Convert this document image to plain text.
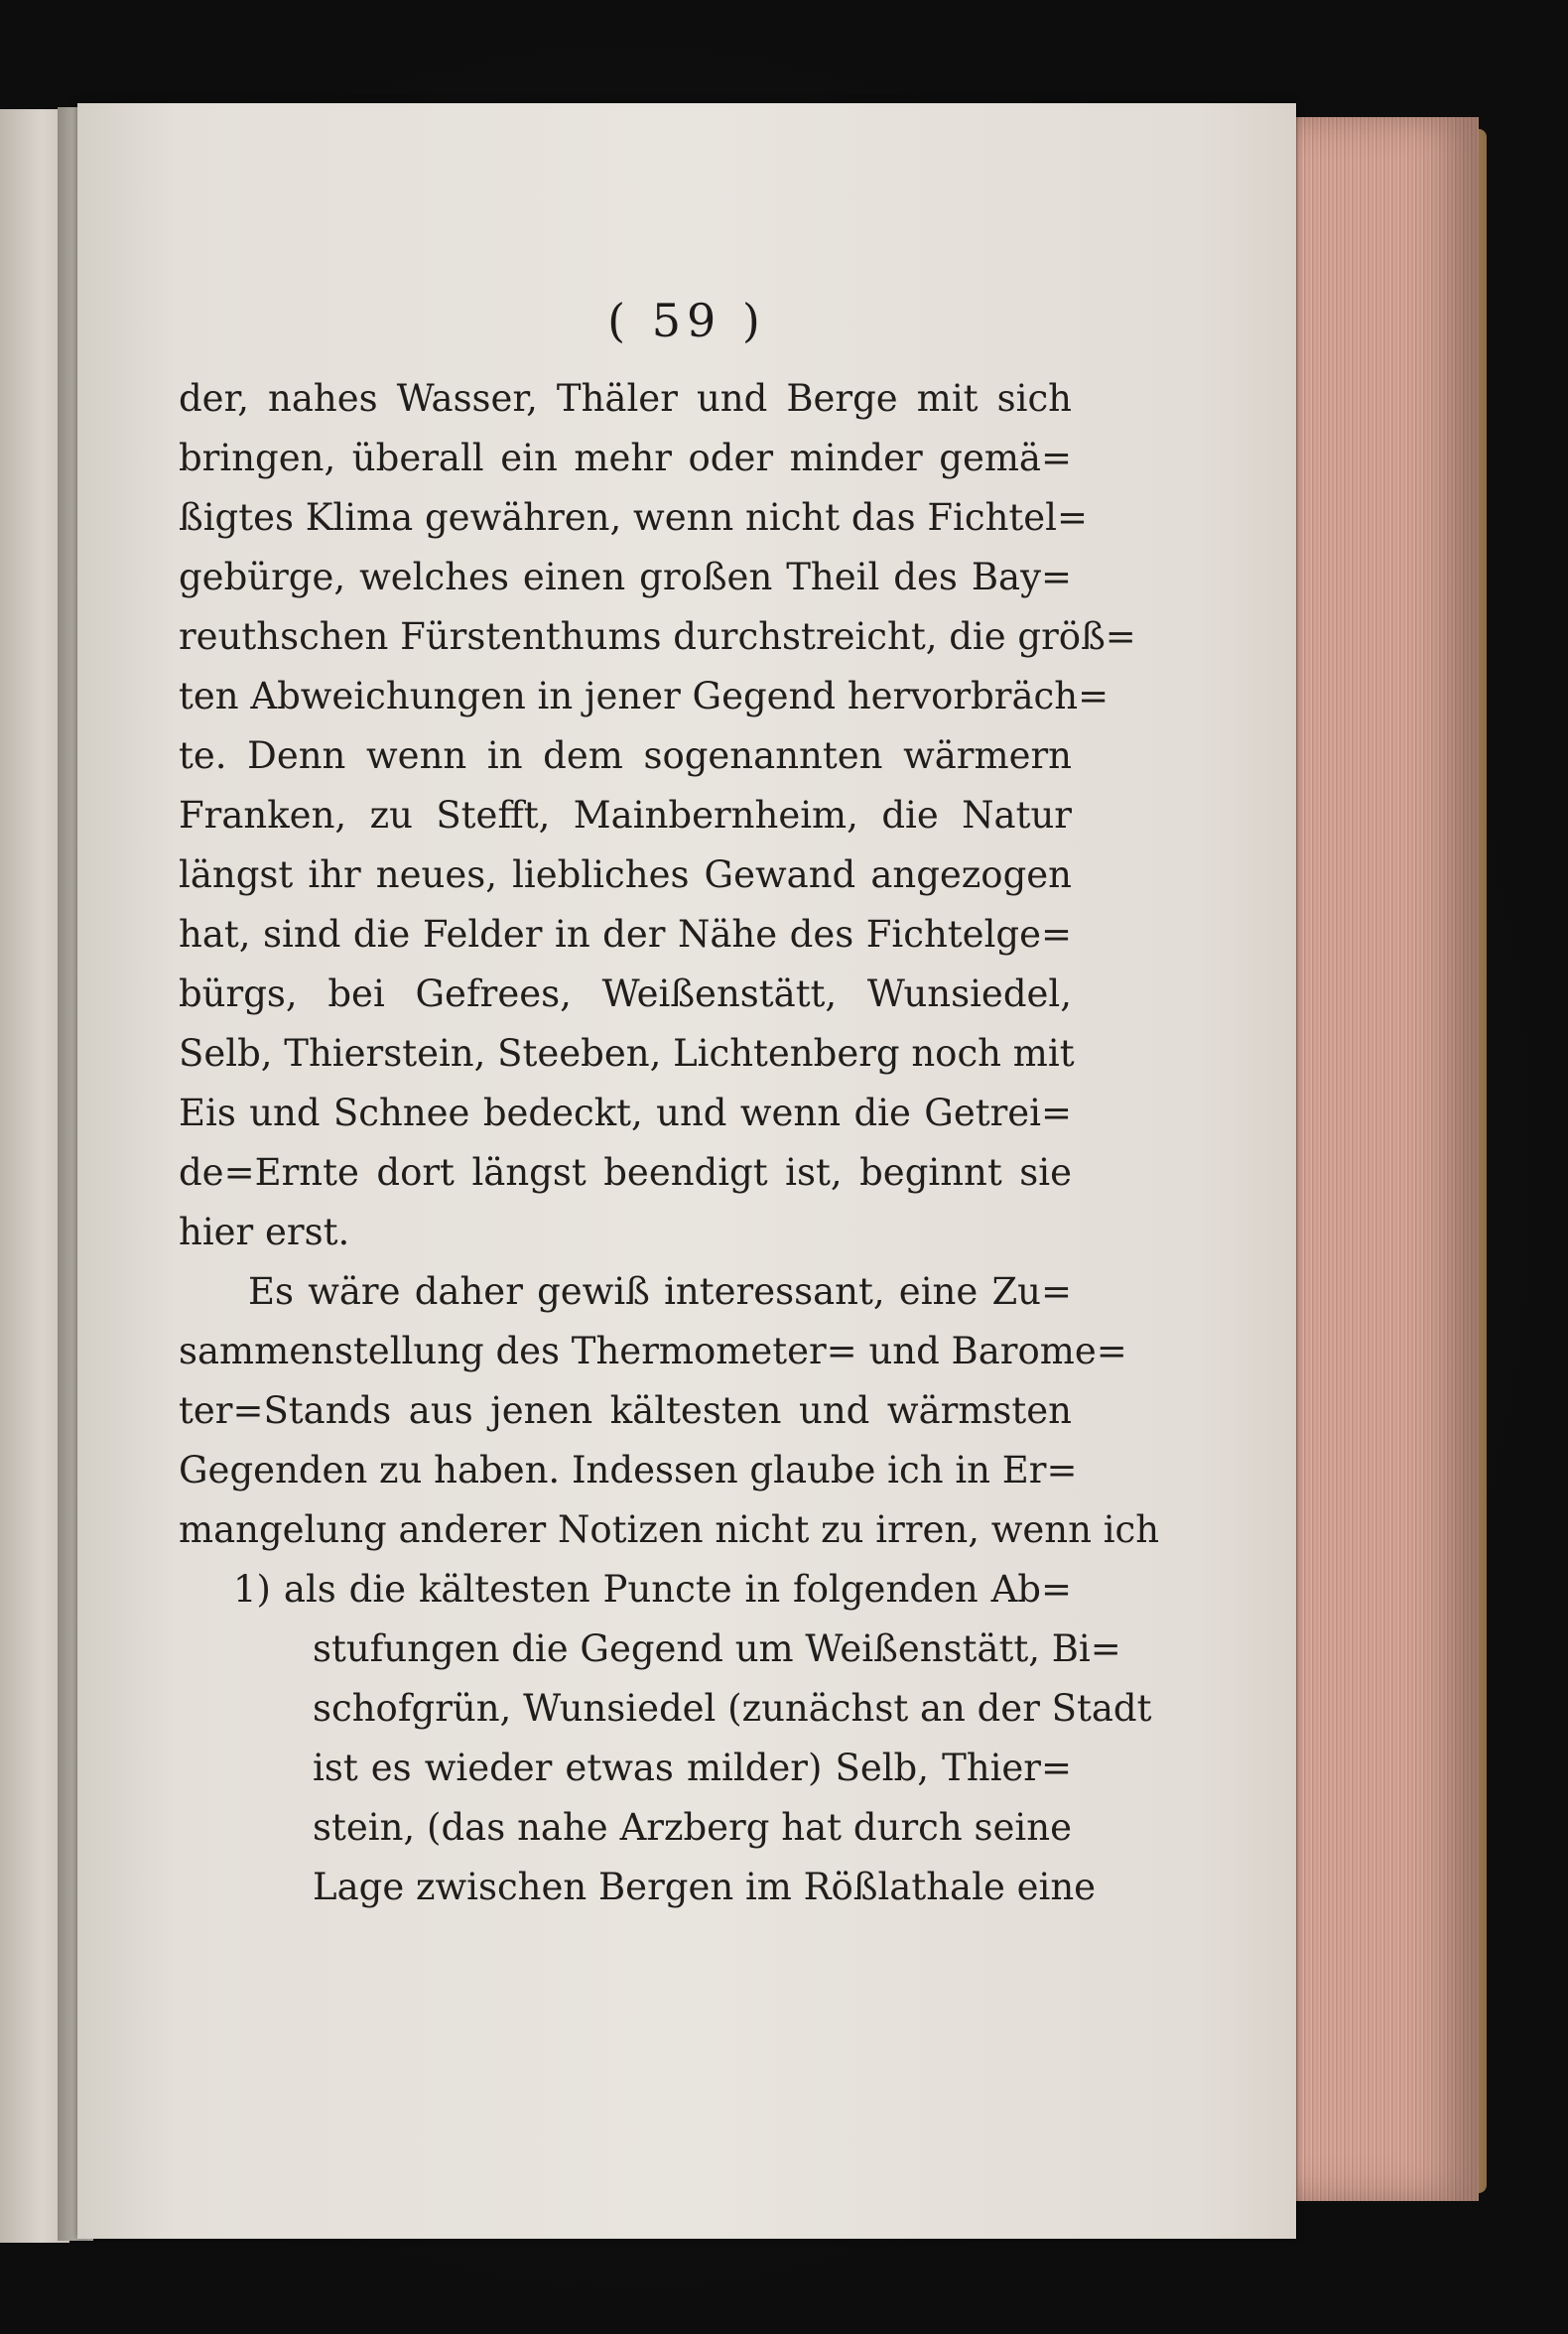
( 59 )
der, nahes Wasser, Thäler und Berge mit sich
bringen, überall ein mehr oder minder gemä=
ßigtes Klima gewähren, wenn nicht das Fichtel=
gebürge, welches einen großen Theil des Bay=
reuthschen Fürstenthums durchstreicht, die größ=
ten Abweichungen in jener Gegend hervorbräch=
te. Denn wenn in dem sogenannten wärmern
Franken, zu Stefft, Mainbernheim, die Natur
längst ihr neues, liebliches Gewand angezogen
hat, sind die Felder in der Nähe des Fichtelge=
bürgs, bei Gefrees, Weißenstätt, Wunsiedel,
Selb, Thierstein, Steeben, Lichtenberg noch mit
Eis und Schnee bedeckt, und wenn die Getrei=
de=Ernte dort längst beendigt ist, beginnt sie
hier erst.
Es wäre daher gewiß interessant, eine Zu=
sammenstellung des Thermometer= und Barome=
ter=Stands aus jenen kältesten und wärmsten
Gegenden zu haben. Indessen glaube ich in Er=
mangelung anderer Notizen nicht zu irren, wenn ich
1) als die kältesten Puncte in folgenden Ab=
stufungen die Gegend um Weißenstätt, Bi=
schofgrün, Wunsiedel (zunächst an der Stadt
ist es wieder etwas milder) Selb, Thier=
stein, (das nahe Arzberg hat durch seine
Lage zwischen Bergen im Rößlathale eine
